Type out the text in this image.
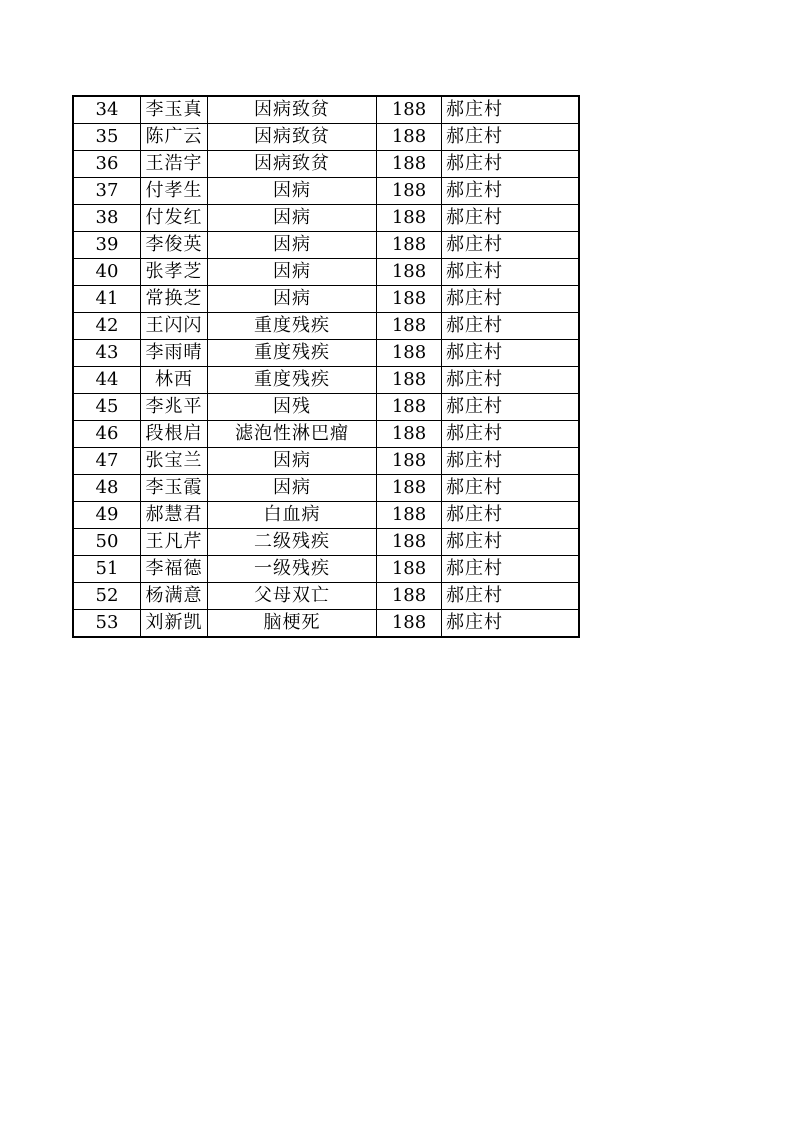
34	李玉真	因病致贫	188	郝庄村
35	陈广云	因病致贫	188	郝庄村
36	王浩宇	因病致贫	188	郝庄村
37	付孝生	因病	188	郝庄村
38	付发红	因病	188	郝庄村
39	李俊英	因病	188	郝庄村
40	张孝芝	因病	188	郝庄村
41	常换芝	因病	188	郝庄村
42	王闪闪	重度残疾	188	郝庄村
43	李雨晴	重度残疾	188	郝庄村
44	林西	重度残疾	188	郝庄村
45	李兆平	因残	188	郝庄村
46	段根启	滤泡性淋巴瘤	188	郝庄村
47	张宝兰	因病	188	郝庄村
48	李玉霞	因病	188	郝庄村
49	郝慧君	白血病	188	郝庄村
50	王凡芹	二级残疾	188	郝庄村
51	李福德	一级残疾	188	郝庄村
52	杨满意	父母双亡	188	郝庄村
53	刘新凯	脑梗死	188	郝庄村
